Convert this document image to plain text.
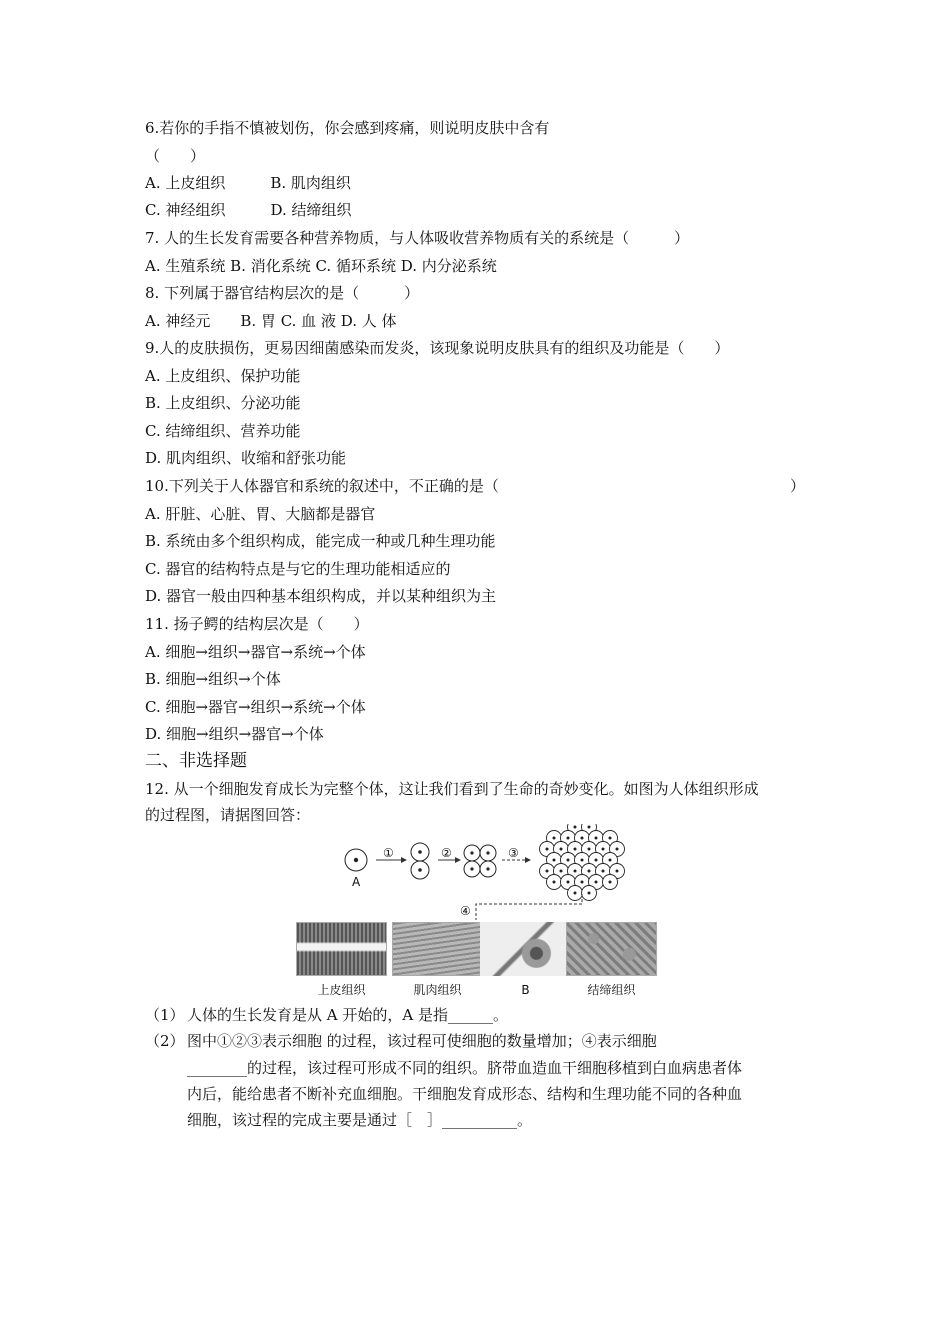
6.若你的手指不慎被划伤，你会感到疼痛，则说明皮肤中含有
（　　）
A. 上皮组织　　　B. 肌肉组织
C. 神经组织　　　D. 结缔组织
7. 人的生长发育需要各种营养物质，与人体吸收营养物质有关的系统是（　　　）
A. 生殖系统 B. 消化系统 C. 循环系统 D. 内分泌系统
8. 下列属于器官结构层次的是（　　　）
A. 神经元　　B. 胃 C. 血 液 D. 人 体
9.人的皮肤损伤，更易因细菌感染而发炎，该现象说明皮肤具有的组织及功能是（　　）
A. 上皮组织、保护功能
B. 上皮组织、分泌功能
C. 结缔组织、营养功能
D. 肌肉组织、收缩和舒张功能
10.下列关于人体器官和系统的叙述中，不正确的是（	）
A. 肝脏、心脏、胃、大脑都是器官
B. 系统由多个组织构成，能完成一种或几种生理功能
C. 器官的结构特点是与它的生理功能相适应的
D. 器官一般由四种基本组织构成，并以某种组织为主
11. 扬子鳄的结构层次是（　　）
A. 细胞→组织→器官→系统→个体
B. 细胞→组织→个体
C. 细胞→器官→组织→系统→个体
D. 细胞→组织→器官→个体
二、非选择题
12. 从一个细胞发育成长为完整个体，这让我们看到了生命的奇妙变化。如图为人体组织形成
的过程图，请据图回答：
A
①	②	③
④
上皮组织	肌肉组织	B	结缔组织
（1） 人体的生长发育是从 A 开始的，A 是指______。
（2） 图中①②③表示细胞 的过程，该过程可使细胞的数量增加；④表示细胞
________的过程，该过程可形成不同的组织。脐带血造血干细胞移植到白血病患者体
内后，能给患者不断补充血细胞。干细胞发育成形态、结构和生理功能不同的各种血
细胞，该过程的完成主要是通过［　］__________。
